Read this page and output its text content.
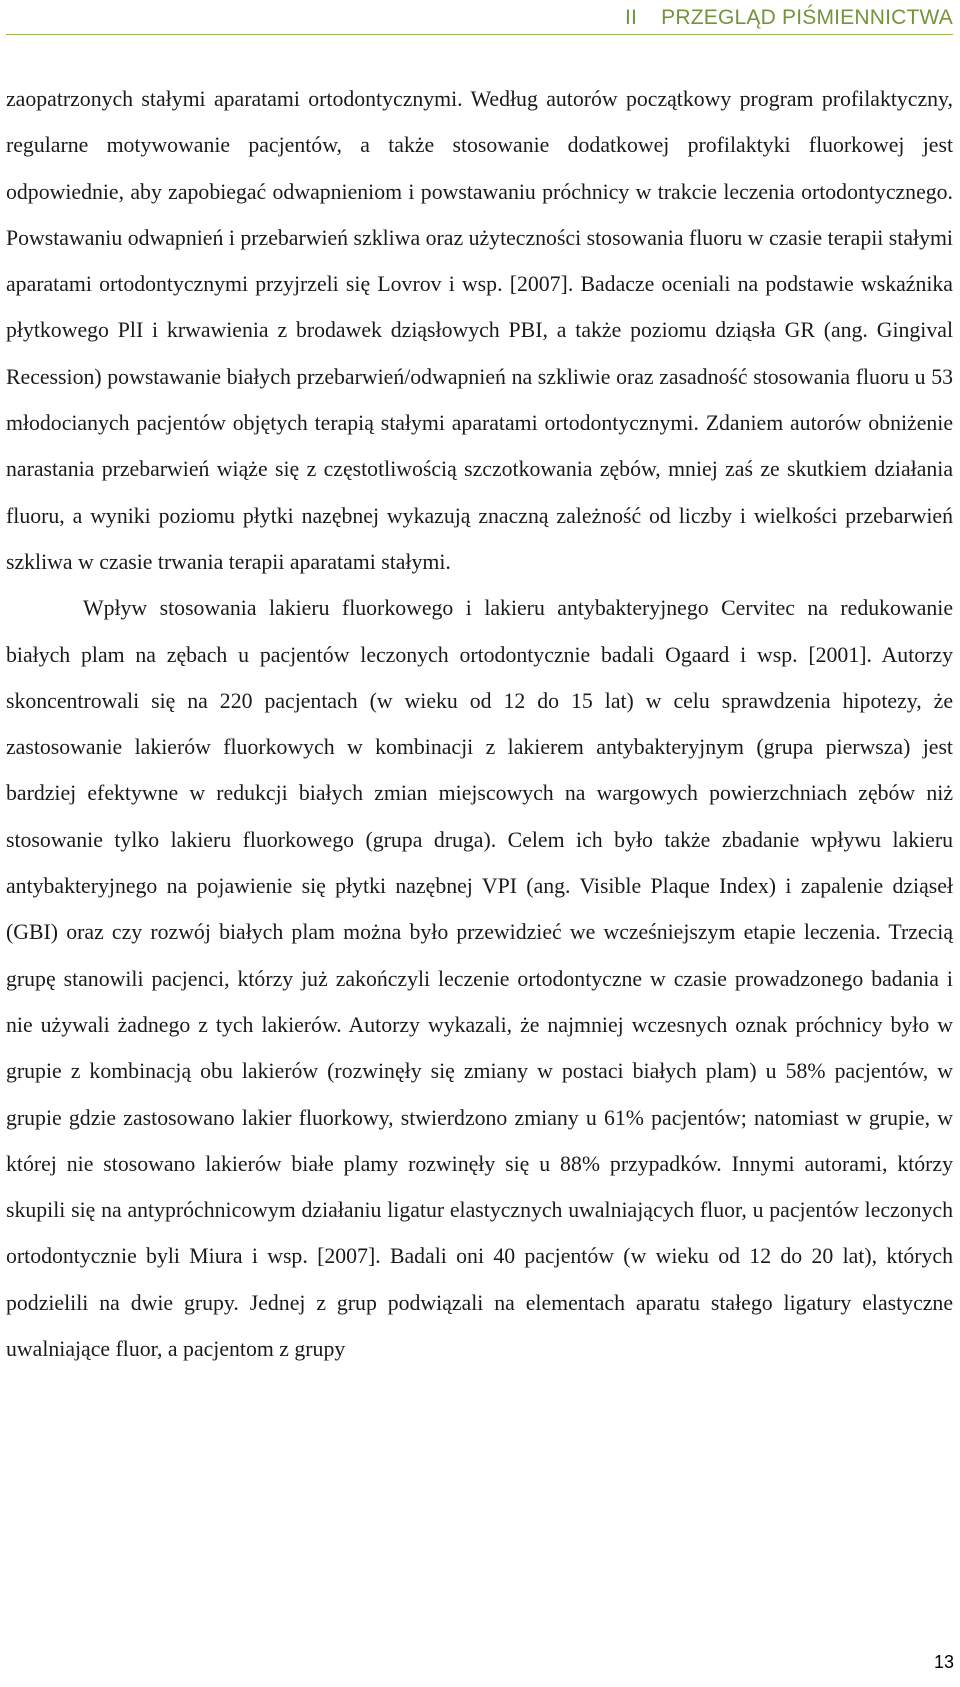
II    PRZEGLĄD PIŚMIENNICTWA

zaopatrzonych stałymi aparatami ortodontycznymi. Według autorów początkowy program profilaktyczny, regularne motywowanie pacjentów, a także stosowanie dodatkowej profilaktyki fluorkowej jest odpowiednie, aby zapobiegać odwapnieniom i powstawaniu próchnicy w trakcie leczenia ortodontycznego. Powstawaniu odwapnień i przebarwień szkliwa oraz użyteczności stosowania fluoru w czasie terapii stałymi aparatami ortodontycznymi przyjrzeli się Lovrov i wsp. [2007]. Badacze oceniali na podstawie wskaźnika płytkowego PlI i krwawienia z brodawek dziąsłowych PBI, a także poziomu dziąsła GR (ang. Gingival Recession) powstawanie białych przebarwień/odwapnień na szkliwie oraz zasadność stosowania fluoru u 53 młodocianych pacjentów objętych terapią stałymi aparatami ortodontycznymi. Zdaniem autorów obniżenie narastania przebarwień wiąże się z częstotliwością szczotkowania zębów, mniej zaś ze skutkiem działania fluoru, a wyniki poziomu płytki nazębnej wykazują znaczną zależność od liczby i wielkości przebarwień szkliwa w czasie trwania terapii aparatami stałymi.

Wpływ stosowania lakieru fluorkowego i lakieru antybakteryjnego Cervitec na redukowanie białych plam na zębach u pacjentów leczonych ortodontycznie badali Ogaard i wsp. [2001]. Autorzy skoncentrowali się na 220 pacjentach (w wieku od 12 do 15 lat) w celu sprawdzenia hipotezy, że zastosowanie lakierów fluorkowych w kombinacji z lakierem antybakteryjnym (grupa pierwsza) jest bardziej efektywne w redukcji białych zmian miejscowych na wargowych powierzchniach zębów niż stosowanie tylko lakieru fluorkowego (grupa druga). Celem ich było także zbadanie wpływu lakieru antybakteryjnego na pojawienie się płytki nazębnej VPI (ang. Visible Plaque Index) i zapalenie dziąseł (GBI) oraz czy rozwój białych plam można było przewidzieć we wcześniejszym etapie leczenia. Trzecią grupę stanowili pacjenci, którzy już zakończyli leczenie ortodontyczne w czasie prowadzonego badania i nie używali żadnego z tych lakierów. Autorzy wykazali, że najmniej wczesnych oznak próchnicy było w grupie z kombinacją obu lakierów (rozwinęły się zmiany w postaci białych plam) u 58% pacjentów, w grupie gdzie zastosowano lakier fluorkowy, stwierdzono zmiany u 61% pacjentów; natomiast w grupie, w której nie stosowano lakierów białe plamy rozwinęły się u 88% przypadków. Innymi autorami, którzy skupili się na antypróchnicowym działaniu ligatur elastycznych uwalniających fluor, u pacjentów leczonych ortodontycznie byli Miura i wsp. [2007]. Badali oni 40 pacjentów (w wieku od 12 do 20 lat), których podzielili na dwie grupy. Jednej z grup podwiązali na elementach aparatu stałego ligatury elastyczne uwalniające fluor, a pacjentom z grupy

13
